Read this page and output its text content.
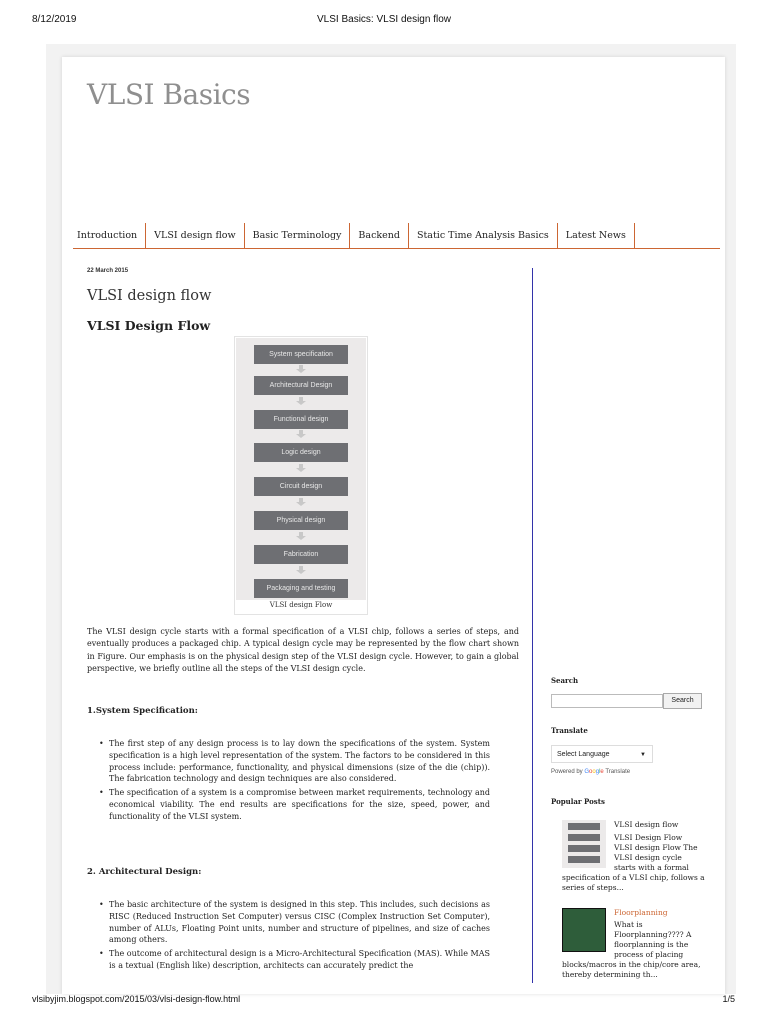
8/12/2019	VLSI Basics: VLSI design flow
VLSI Basics
Introduction	VLSI design flow	Basic Terminology	Backend	Static Time Analysis Basics	Latest News
22 March 2015
VLSI design flow
VLSI Design Flow
System specification
Architectural Design
Functional design
Logic design
Circuit design
Physical design
Fabrication
Packaging and testing
VLSI design Flow
The VLSI design cycle starts with a formal specification of a VLSI chip, follows a series of steps, and eventually produces a packaged chip. A typical design cycle may be represented by the flow chart shown in Figure. Our emphasis is on the physical design step of the VLSI design cycle. However, to gain a global perspective, we briefly outline all the steps of the VLSI design cycle.
1.System Specification:
• The first step of any design process is to lay down the specifications of the system. System specification is a high level representation of the system. The factors to be considered in this process include: performance, functionality, and physical dimensions (size of the die (chip)). The fabrication technology and design techniques are also considered.
• The specification of a system is a compromise between market requirements, technology and economical viability. The end results are specifications for the size, speed, power, and functionality of the VLSI system.
2. Architectural Design:
• The basic architecture of the system is designed in this step. This includes, such decisions as RISC (Reduced Instruction Set Computer) versus CISC (Complex Instruction Set Computer), number of ALUs, Floating Point units, number and structure of pipelines, and size of caches among others.
• The outcome of architectural design is a Micro-Architectural Specification (MAS). While MAS is a textual (English like) description, architects can accurately predict the
Search
Search
Translate
Select Language	▼
Powered by Google Translate
Popular Posts
VLSI design flow
VLSI Design Flow
VLSI design Flow The
VLSI design cycle
starts with a formal
specification of a VLSI chip, follows a series of steps...
Floorplanning
What is
Floorplanning???? A
floorplanning is the
process of placing
blocks/macros in the chip/core area, thereby determining th...
vlsibyjim.blogspot.com/2015/03/vlsi-design-flow.html	1/5
